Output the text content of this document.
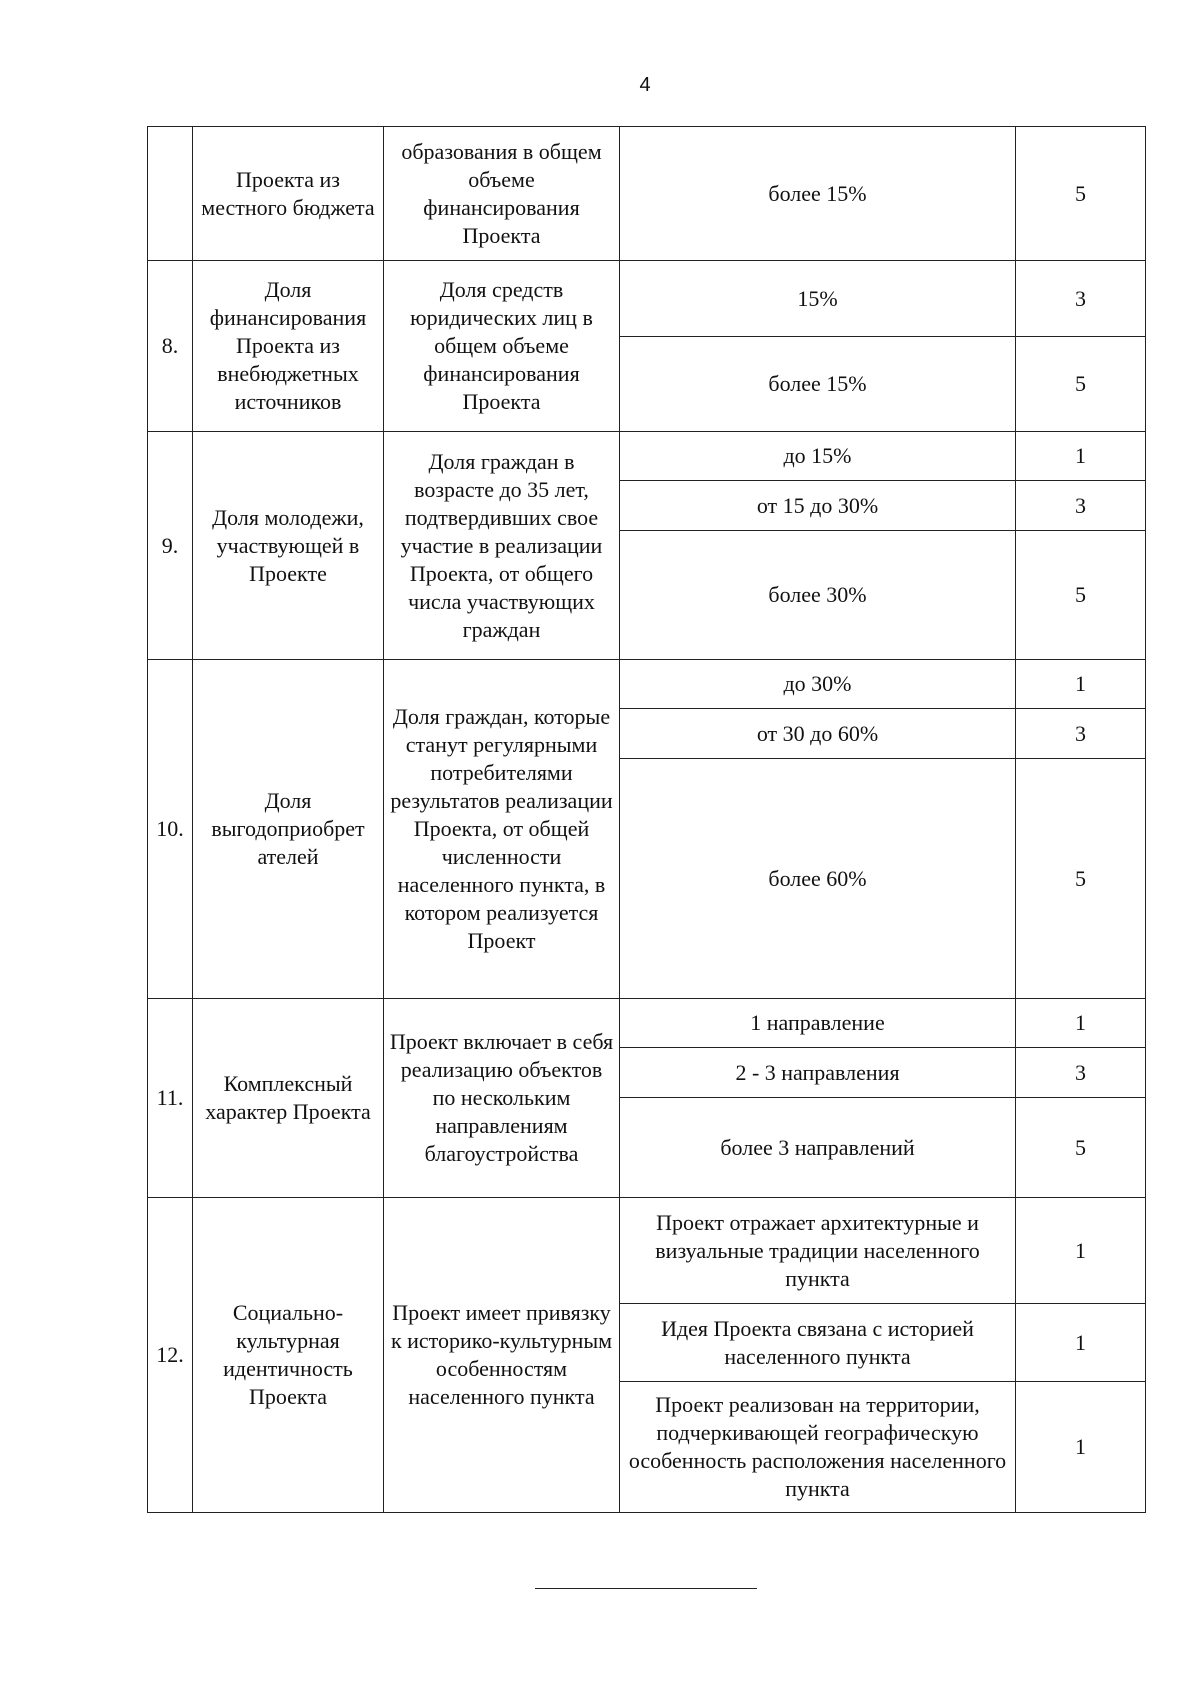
4
	Проекта из местного бюджета	образования в общем объеме финансирования Проекта	более 15%	5
8.	Доля финансирования Проекта из внебюджетных источников	Доля средств юридических лиц в общем объеме финансирования Проекта	15%	3
			более 15%	5
9.	Доля молодежи, участвующей в Проекте	Доля граждан в возрасте до 35 лет, подтвердивших свое участие в реализации Проекта, от общего числа участвующих граждан	до 15%	1
			от 15 до 30%	3
			более 30%	5
10.	Доля выгодоприобрет ателей	Доля граждан, которые станут регулярными потребителями результатов реализации Проекта, от общей численности населенного пункта, в котором реализуется Проект	до 30%	1
			от 30 до 60%	3
			более 60%	5
11.	Комплексный характер Проекта	Проект включает в себя реализацию объектов по нескольким направлениям благоустройства	1 направление	1
			2 - 3 направления	3
			более 3 направлений	5
12.	Социально-культурная идентичность Проекта	Проект имеет привязку к историко-культурным особенностям населенного пункта	Проект отражает архитектурные и визуальные традиции населенного пункта	1
			Идея Проекта связана с историей населенного пункта	1
			Проект реализован на территории, подчеркивающей географическую особенность расположения населенного пункта	1
